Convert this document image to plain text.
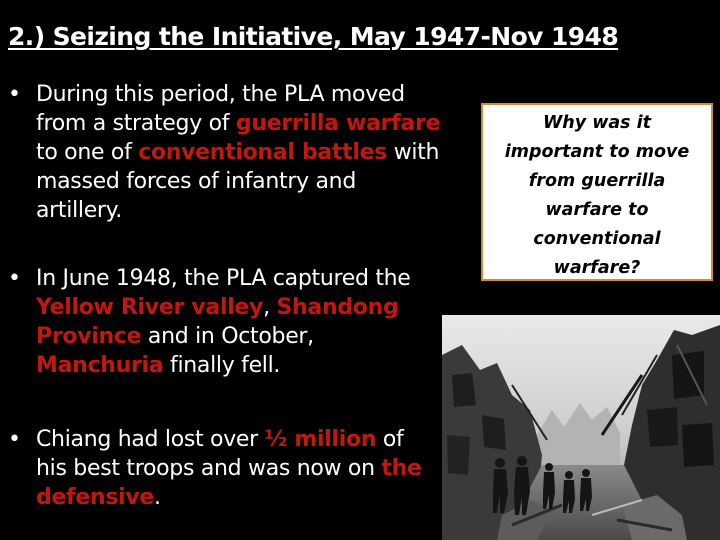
2.) Seizing the Initiative, May 1947-Nov 1948
Why was it
important to move
from guerrilla
warfare to
conventional
warfare?
• During this period, the PLA moved
from a strategy of guerrilla warfare
to one of conventional battles with
massed forces of infantry and
artillery.
• In June 1948, the PLA captured the
Yellow River valley, Shandong
Province and in October,
Manchuria finally fell.
• Chiang had lost over ½ million of
his best troops and was now on the
defensive.
